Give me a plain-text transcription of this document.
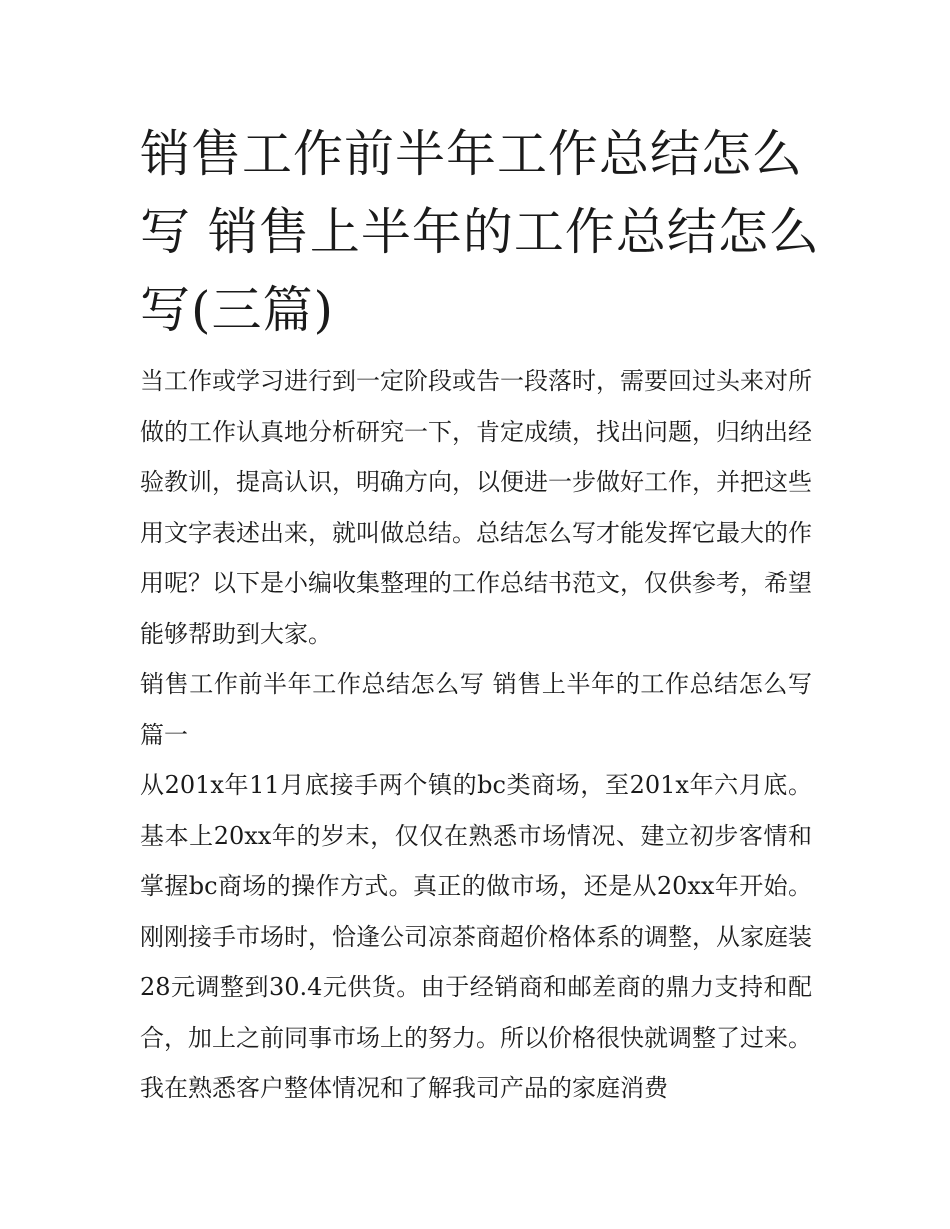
销售工作前半年工作总结怎么写 销售上半年的工作总结怎么写(三篇)

当工作或学习进行到一定阶段或告一段落时，需要回过头来对所做的工作认真地分析研究一下，肯定成绩，找出问题，归纳出经验教训，提高认识，明确方向，以便进一步做好工作，并把这些用文字表述出来，就叫做总结。总结怎么写才能发挥它最大的作用呢？以下是小编收集整理的工作总结书范文，仅供参考，希望能够帮助到大家。

销售工作前半年工作总结怎么写 销售上半年的工作总结怎么写篇一

从201x年11月底接手两个镇的bc类商场，至201x年六月底。基本上20xx年的岁末，仅仅在熟悉市场情况、建立初步客情和掌握bc商场的操作方式。真正的做市场，还是从20xx年开始。刚刚接手市场时，恰逢公司凉茶商超价格体系的调整，从家庭装28元调整到30.4元供货。由于经销商和邮差商的鼎力支持和配合，加上之前同事市场上的努力。所以价格很快就调整了过来。我在熟悉客户整体情况和了解我司产品的家庭消费
